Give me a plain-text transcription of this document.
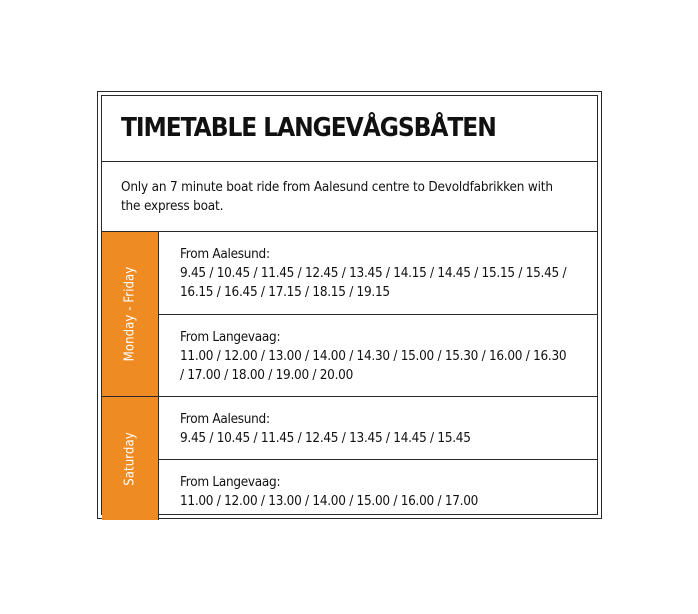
TIMETABLE LANGEVÅGSBÅTEN

Only an 7 minute boat ride from Aalesund centre to Devoldfabrikken with the express boat.

Monday - Friday
From Aalesund:
9.45 / 10.45 / 11.45 / 12.45 / 13.45 / 14.15 / 14.45 / 15.15 / 15.45 / 16.15 / 16.45 / 17.15 / 18.15 / 19.15
From Langevaag:
11.00 / 12.00 / 13.00 / 14.00 / 14.30 / 15.00 / 15.30 / 16.00 / 16.30 / 17.00 / 18.00 / 19.00 / 20.00
Saturday
From Aalesund:
9.45 / 10.45 / 11.45 / 12.45 / 13.45 / 14.45 / 15.45
From Langevaag:
11.00 / 12.00 / 13.00 / 14.00 / 15.00 / 16.00 / 17.00
